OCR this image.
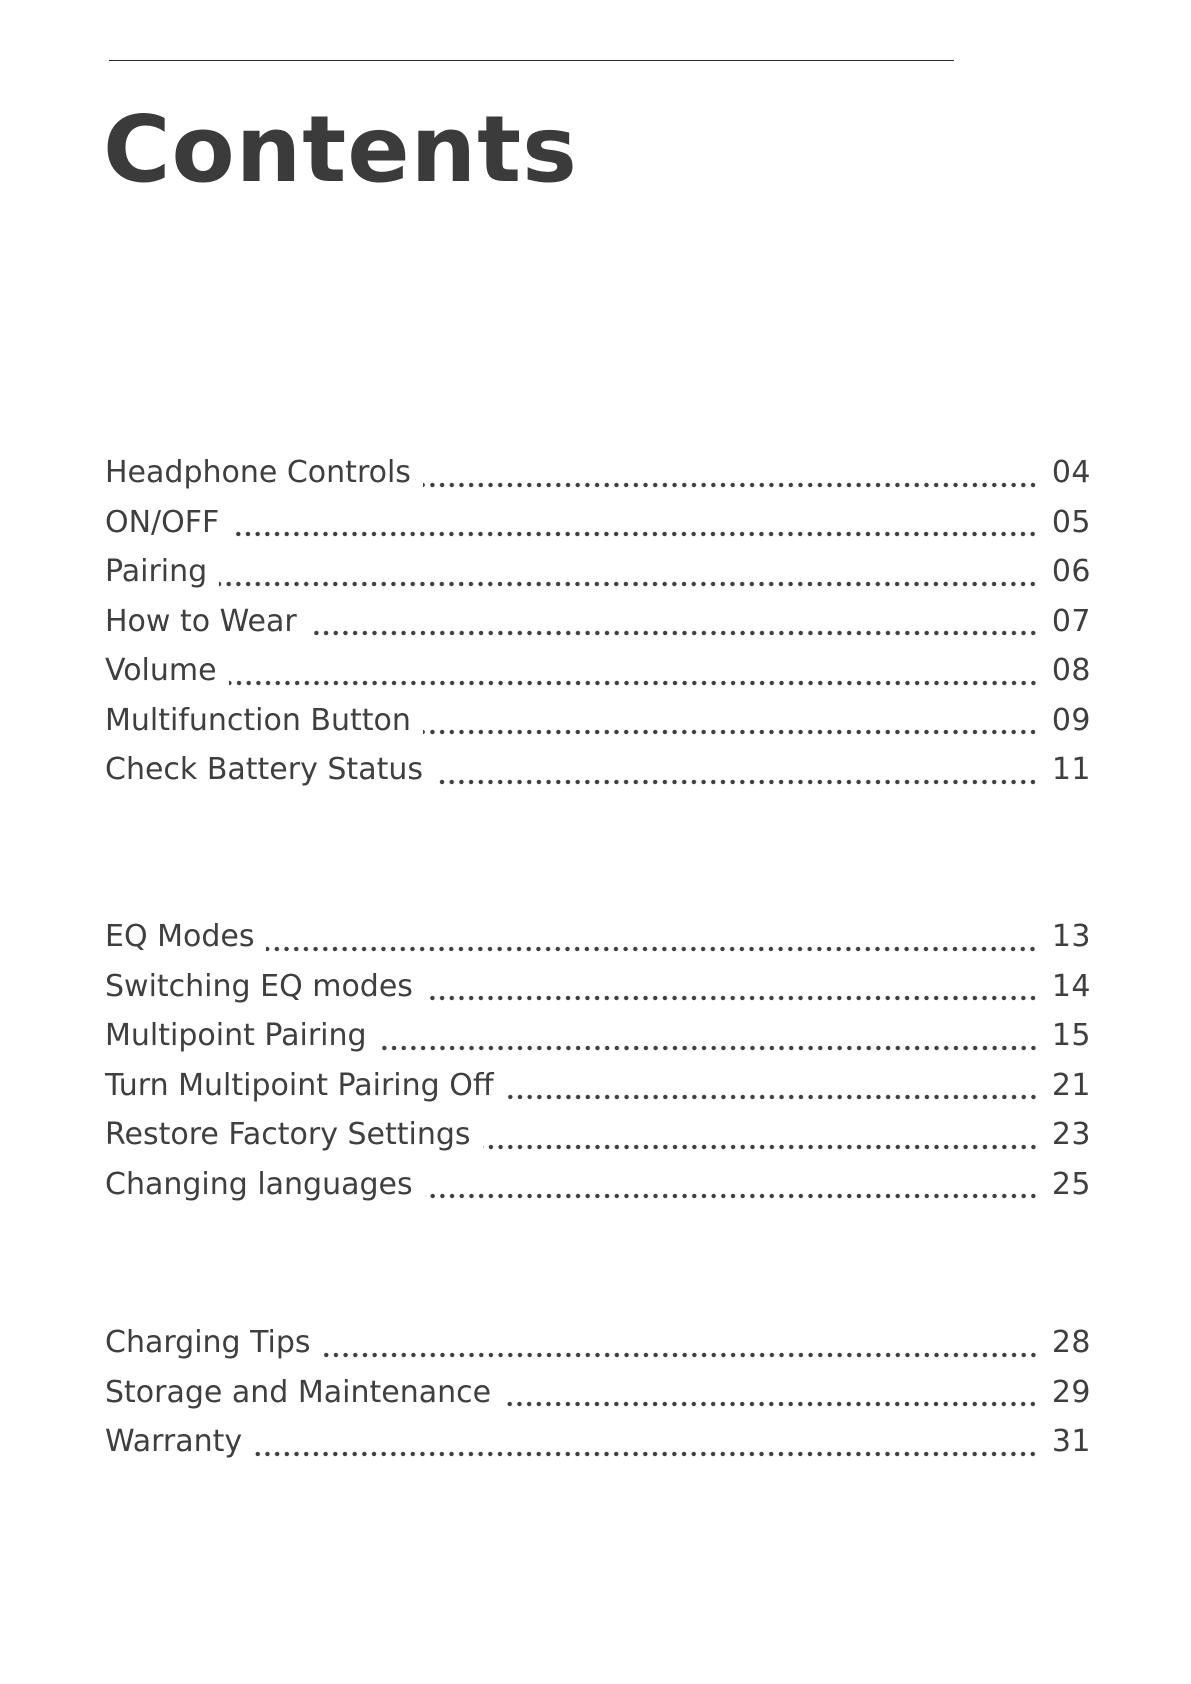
Contents
Headphone Controls	04
ON/OFF	05
Pairing	06
How to Wear	07
Volume	08
Multifunction Button	09
Check Battery Status	11
EQ Modes	13
Switching EQ modes	14
Multipoint Pairing	15
Turn Multipoint Pairing Off	21
Restore Factory Settings	23
Changing languages	25
Charging Tips	28
Storage and Maintenance	29
Warranty	31
